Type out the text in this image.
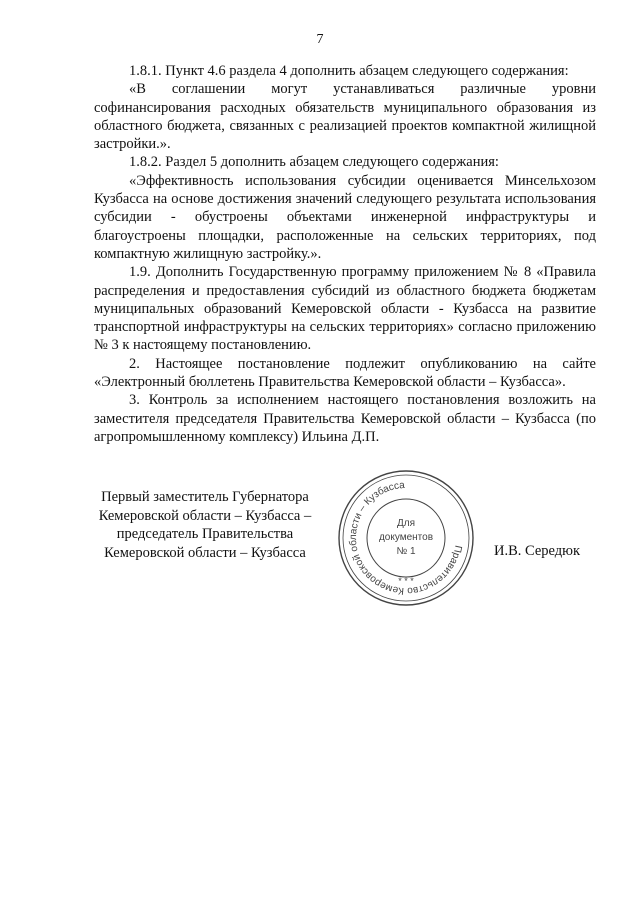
7

1.8.1. Пункт 4.6 раздела 4 дополнить абзацем следующего содержания:

«В соглашении могут устанавливаться различные уровни софинансирования расходных обязательств муниципального образования из областного бюджета, связанных с реализацией проектов компактной жилищной застройки.».

1.8.2. Раздел 5 дополнить абзацем следующего содержания:

«Эффективность использования субсидии оценивается Минсельхозом Кузбасса на основе достижения значений следующего результата использования субсидии - обустроены объектами инженерной инфраструктуры и благоустроены площадки, расположенные на сельских территориях, под компактную жилищную застройку.».

1.9. Дополнить Государственную программу приложением № 8 «Правила распределения и предоставления субсидий из областного бюджета бюджетам муниципальных образований Кемеровской области - Кузбасса на развитие транспортной инфраструктуры на сельских территориях» согласно приложению № 3 к настоящему постановлению.

2. Настоящее постановление подлежит опубликованию на сайте «Электронный бюллетень Правительства Кемеровской области – Кузбасса».

3. Контроль за исполнением настоящего постановления возложить на заместителя председателя Правительства Кемеровской области – Кузбасса (по агропромышленному комплексу) Ильина Д.П.

Первый заместитель Губернатора
Кемеровской области – Кузбасса –
председатель Правительства
Кемеровской области – Кузбасса	Правительство Кемеровской области – Кузбасса
* * *
Для
документов
№ 1	И.В. Середюк
